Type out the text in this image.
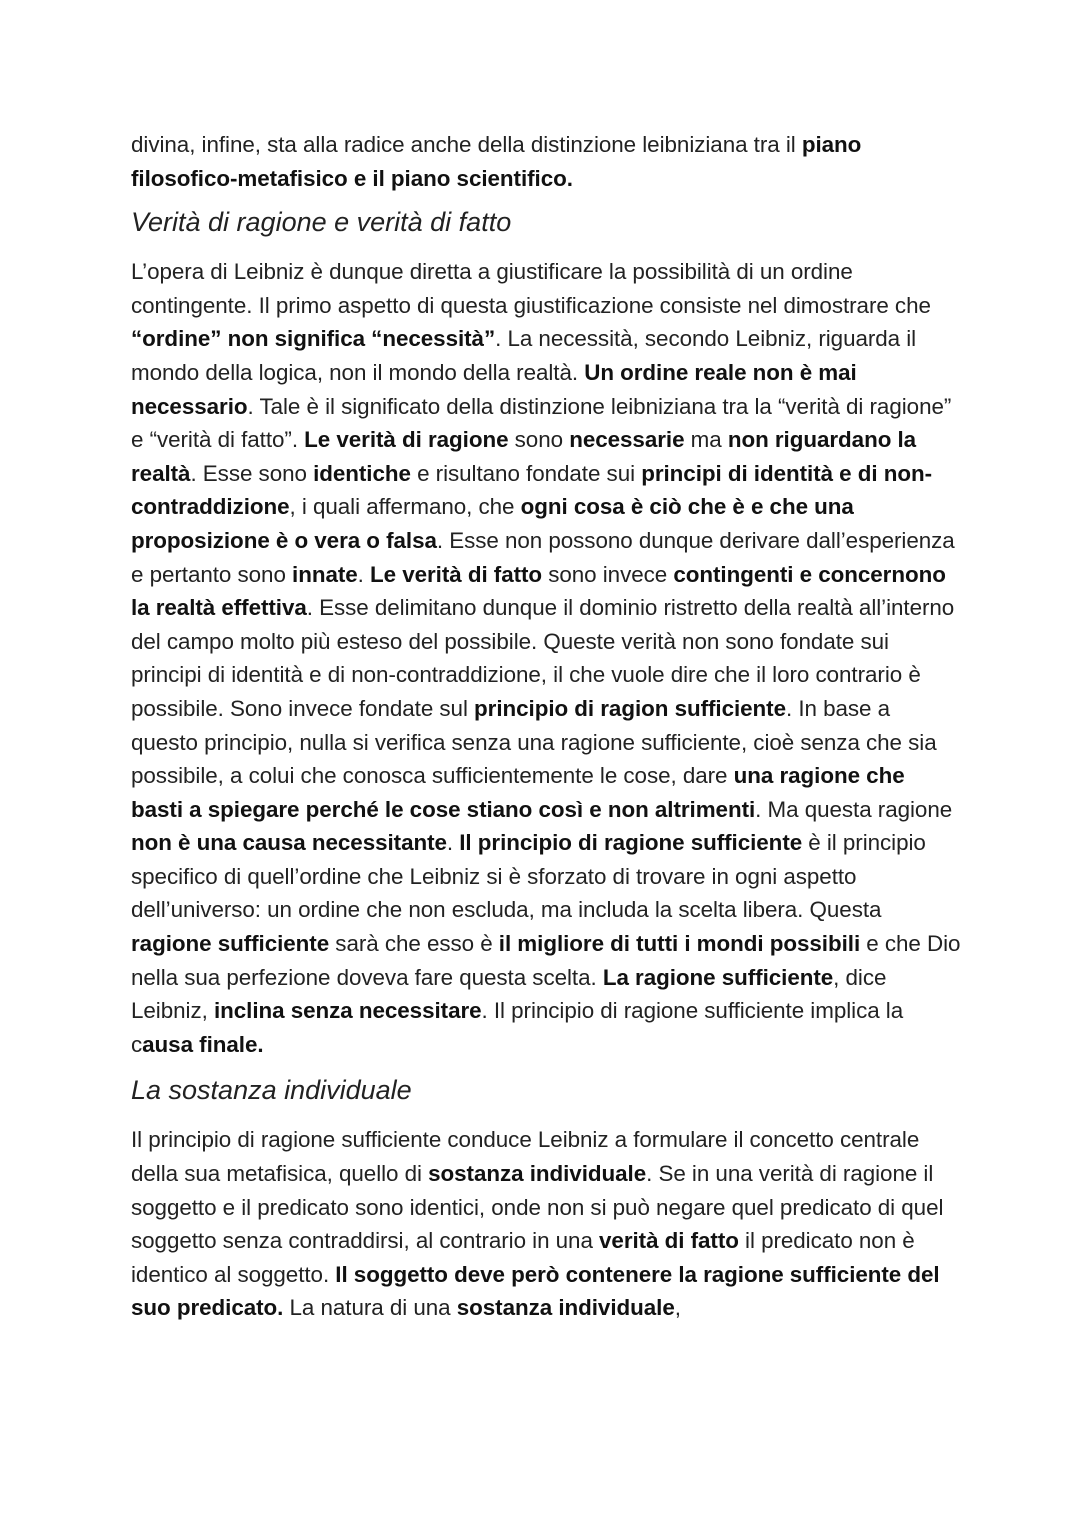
divina, infine, sta alla radice anche della distinzione leibniziana tra il piano filosofico-metafisico e il piano scientifico.

Verità di ragione e verità di fatto

L’opera di Leibniz è dunque diretta a giustificare la possibilità di un ordine contingente. Il primo aspetto di questa giustificazione consiste nel dimostrare che “ordine” non significa “necessità”. La necessità, secondo Leibniz, riguarda il mondo della logica, non il mondo della realtà. Un ordine reale non è mai necessario. Tale è il significato della distinzione leibniziana tra la “verità di ragione” e “verità di fatto”. Le verità di ragione sono necessarie ma non riguardano la realtà. Esse sono identiche e risultano fondate sui principi di identità e di non-contraddizione, i quali affermano, che ogni cosa è ciò che è e che una proposizione è o vera o falsa. Esse non possono dunque derivare dall’esperienza e pertanto sono innate. Le verità di fatto sono invece contingenti e concernono la realtà effettiva. Esse delimitano dunque il dominio ristretto della realtà all’interno del campo molto più esteso del possibile. Queste verità non sono fondate sui principi di identità e di non-contraddizione, il che vuole dire che il loro contrario è possibile. Sono invece fondate sul principio di ragion sufficiente. In base a questo principio, nulla si verifica senza una ragione sufficiente, cioè senza che sia possibile, a colui che conosca sufficientemente le cose, dare una ragione che basti a spiegare perché le cose stiano così e non altrimenti. Ma questa ragione non è una causa necessitante. Il principio di ragione sufficiente è il principio specifico di quell’ordine che Leibniz si è sforzato di trovare in ogni aspetto dell’universo: un ordine che non escluda, ma includa la scelta libera. Questa ragione sufficiente sarà che esso è il migliore di tutti i mondi possibili e che Dio nella sua perfezione doveva fare questa scelta. La ragione sufficiente, dice Leibniz, inclina senza necessitare. Il principio di ragione sufficiente implica la causa finale.

La sostanza individuale

Il principio di ragione sufficiente conduce Leibniz a formulare il concetto centrale della sua metafisica, quello di sostanza individuale. Se in una verità di ragione il soggetto e il predicato sono identici, onde non si può negare quel predicato di quel soggetto senza contraddirsi, al contrario in una verità di fatto il predicato non è identico al soggetto. Il soggetto deve però contenere la ragione sufficiente del suo predicato. La natura di una sostanza individuale,
